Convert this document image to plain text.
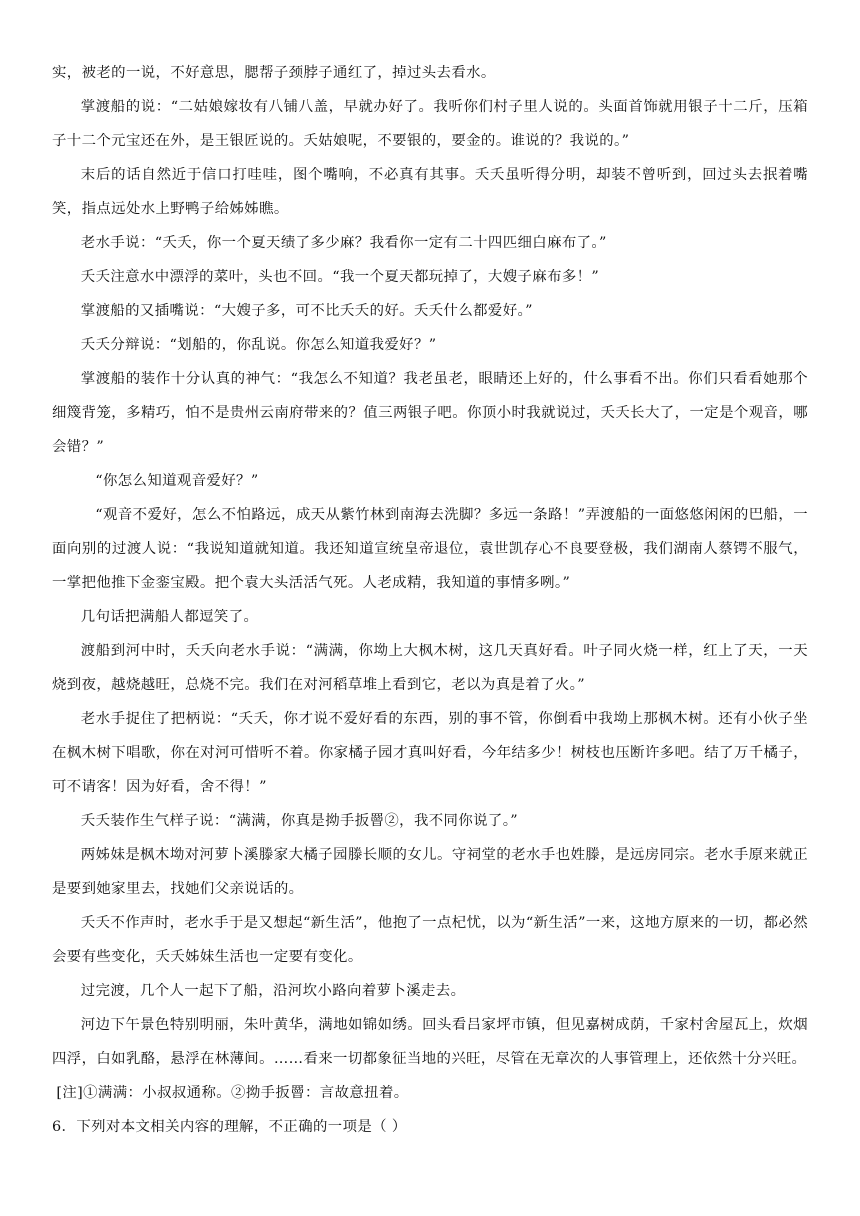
实，被老的一说，不好意思，腮帮子颈脖子通红了，掉过头去看水。

掌渡船的说：“二姑娘嫁妆有八铺八盖，早就办好了。我听你们村子里人说的。头面首饰就用银子十二斤，压箱子十二个元宝还在外，是王银匠说的。夭姑娘呢，不要银的，要金的。谁说的？我说的。”

末后的话自然近于信口打哇哇，图个嘴响，不必真有其事。夭夭虽听得分明，却装不曾听到，回过头去抿着嘴笑，指点远处水上野鸭子给姊姊瞧。

老水手说：“夭夭，你一个夏天绩了多少麻？我看你一定有二十四匹细白麻布了。”

夭夭注意水中漂浮的菜叶，头也不回。“我一个夏天都玩掉了，大嫂子麻布多！”

掌渡船的又插嘴说：“大嫂子多，可不比夭夭的好。夭夭什么都爱好。”

夭夭分辩说：“划船的，你乱说。你怎么知道我爱好？”

掌渡船的装作十分认真的神气：“我怎么不知道？我老虽老，眼睛还上好的，什么事看不出。你们只看看她那个细篾背笼，多精巧，怕不是贵州云南府带来的？值三两银子吧。你顶小时我就说过，夭夭长大了，一定是个观音，哪会错？”

“你怎么知道观音爱好？”

“观音不爱好，怎么不怕路远，成天从紫竹林到南海去洗脚？多远一条路！”弄渡船的一面悠悠闲闲的巴船，一面向别的过渡人说：“我说知道就知道。我还知道宣统皇帝退位，袁世凯存心不良要登极，我们湖南人蔡锷不服气，一掌把他推下金銮宝殿。把个袁大头活活气死。人老成精，我知道的事情多咧。”

几句话把满船人都逗笑了。

渡船到河中时，夭夭向老水手说：“满满，你坳上大枫木树，这几天真好看。叶子同火烧一样，红上了天，一天烧到夜，越烧越旺，总烧不完。我们在对河稻草堆上看到它，老以为真是着了火。”

老水手捉住了把柄说：“夭夭，你才说不爱好看的东西，别的事不管，你倒看中我坳上那枫木树。还有小伙子坐在枫木树下唱歌，你在对河可惜听不着。你家橘子园才真叫好看，今年结多少！树枝也压断许多吧。结了万千橘子，可不请客！因为好看，舍不得！”

夭夭装作生气样子说：“满满，你真是拗手扳罾②，我不同你说了。”

两姊妹是枫木坳对河萝卜溪滕家大橘子园滕长顺的女儿。守祠堂的老水手也姓滕，是远房同宗。老水手原来就正是要到她家里去，找她们父亲说话的。

夭夭不作声时，老水手于是又想起“新生活”，他抱了一点杞忧，以为“新生活”一来，这地方原来的一切，都必然会要有些变化，夭夭姊妹生活也一定要有变化。

过完渡，几个人一起下了船，沿河坎小路向着萝卜溪走去。

河边下午景色特别明丽，朱叶黄华，满地如锦如绣。回头看吕家坪市镇，但见嘉树成荫，千家村舍屋瓦上，炊烟四浮，白如乳酪，悬浮在林薄间。……看来一切都象征当地的兴旺，尽管在无章次的人事管理上，还依然十分兴旺。

[注]①满满：小叔叔通称。②拗手扳罾：言故意扭着。

6．下列对本文相关内容的理解，不正确的一项是（ ）
